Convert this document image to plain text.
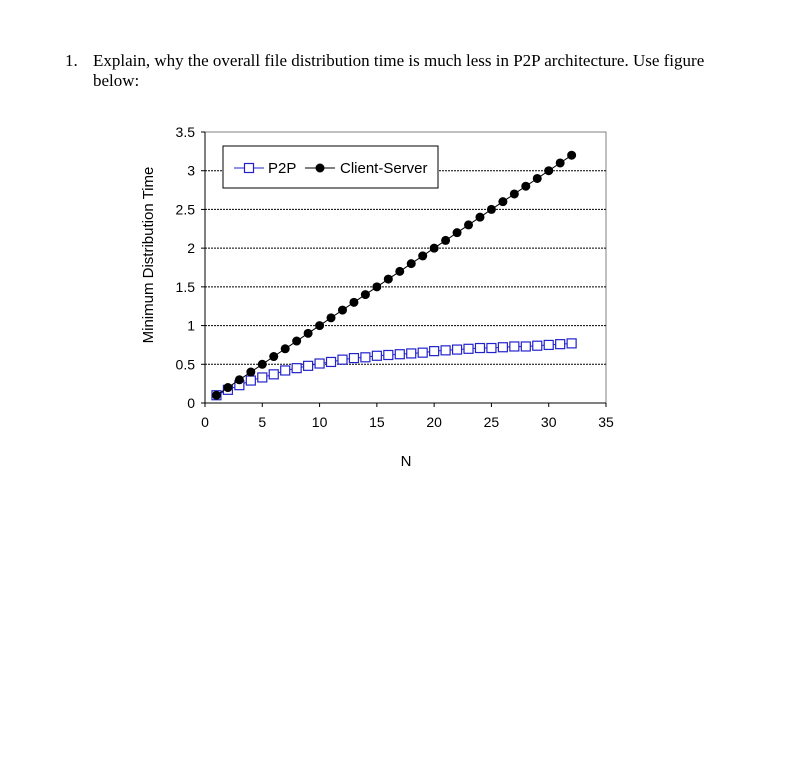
1. Explain, why the overall file distribution time is much less in P2P architecture. Use figure below:
0
0.5
1
1.5
2
2.5
3
3.5
0	5	10	15	20	25	30	35
N
Minimum Distribution Time	P2P	Client-Server
